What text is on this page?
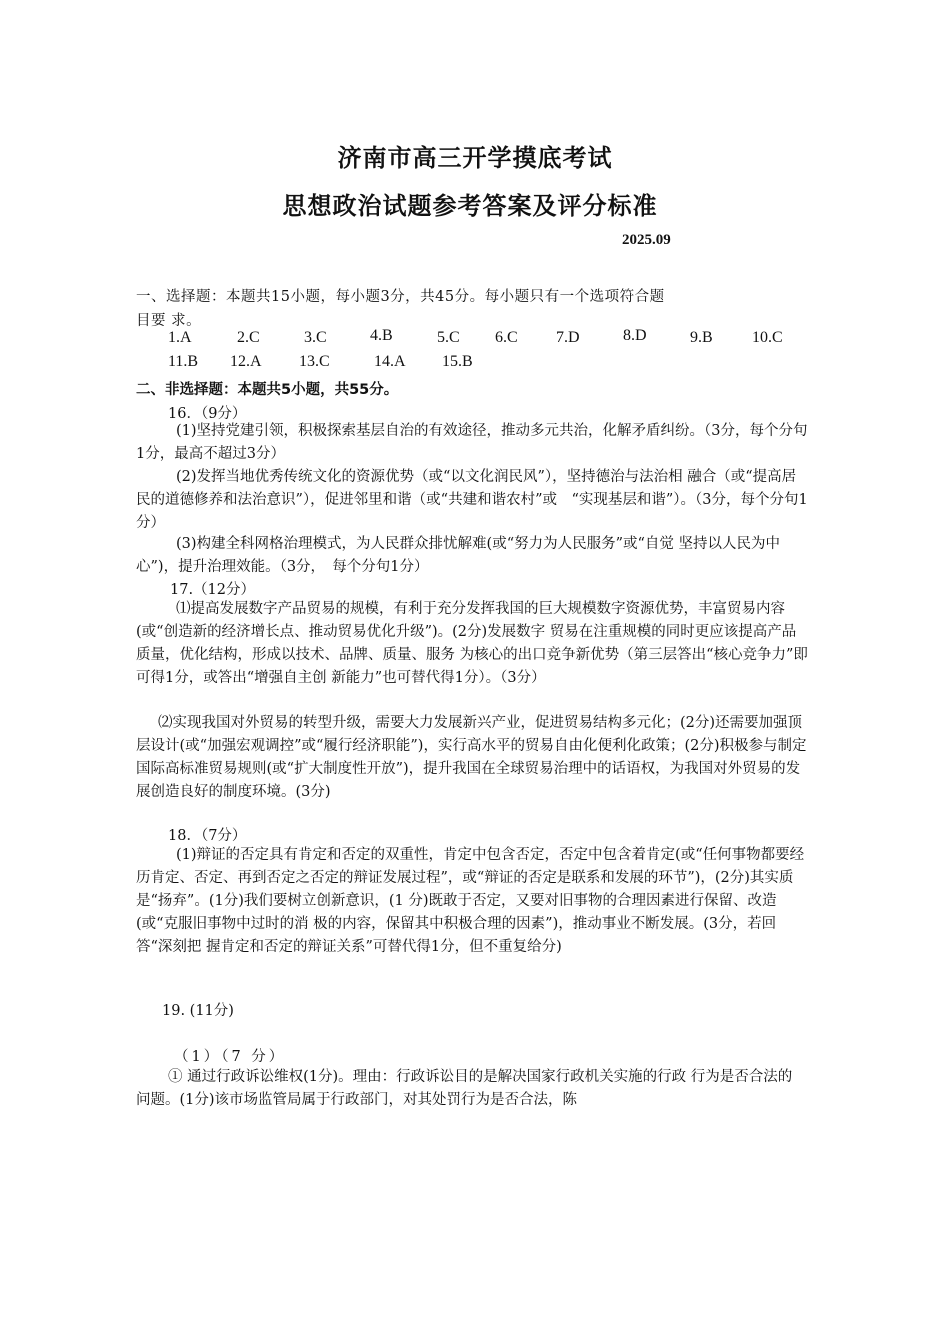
济南市高三开学摸底考试
思想政治试题参考答案及评分标准
2025.09
一、选择题：本题共15小题，每小题3分，共45分。每小题只有一个选项符合题
目要 求。
1.A	2.C	3.C	4.B	5.C 6.C 7.D	8.D	9.B 10.C
11.B 12.A 13.C	14.A 15.B
二、非选择题：本题共5小题，共55分。
16．（9分）
(1)坚持党建引领，积极探索基层自治的有效途径，推动多元共治，化解矛盾纠纷。（3分，每个分句1分，最高不超过3分）
(2)发挥当地优秀传统文化的资源优势（或“以文化润民风”），坚持德治与法治相 融合（或“提高居民的道德修养和法治意识”），促进邻里和谐（或“共建和谐农村”或　“实现基层和谐”）。（3分，每个分句1分）
(3)构建全科网格治理模式，为人民群众排忧解难(或“努力为人民服务”或“自觉 坚持以人民为中心”)，提升治理效能。（3分，　每个分句1分）
17.（12分）
⑴提高发展数字产品贸易的规模，有利于充分发挥我国的巨大规模数字资源优势，丰富贸易内容(或“创造新的经济增长点、推动贸易优化升级”)。(2分)发展数字 贸易在注重规模的同时更应该提高产品质量，优化结构，形成以技术、品牌、质量、服务 为核心的出口竞争新优势（第三层答出“核心竞争力”即可得1分，或答出“增强自主创 新能力”也可替代得1分）。（3分）
⑵实现我国对外贸易的转型升级，需要大力发展新兴产业，促进贸易结构多元化；(2分)还需要加强顶层设计(或“加强宏观调控”或“履行经济职能”)，实行高水平的贸易自由化便利化政策；(2分)积极参与制定国际高标准贸易规则(或“扩大制度性开放”)，提升我国在全球贸易治理中的话语权，为我国对外贸易的发展创造良好的制度环境。(3分)
18．（7分）
(1)辩证的否定具有肯定和否定的双重性，肯定中包含否定，否定中包含着肯定(或“任何事物都要经历肯定、否定、再到否定之否定的辩证发展过程”，或“辩证的否定是联系和发展的环节”)，(2分)其实质是“扬弃”。(1分)我们要树立创新意识，(1 分)既敢于否定，又要对旧事物的合理因素进行保留、改造(或“克服旧事物中过时的消 极的内容，保留其中积极合理的因素”)，推动事业不断发展。(3分，若回答“深刻把 握肯定和否定的辩证关系”可替代得1分，但不重复给分)
19. (11分)
（1）（7 分）
① 通过行政诉讼维权(1分)。理由：行政诉讼目的是解决国家行政机关实施的行政 行为是否合法的问题。(1分)该市场监管局属于行政部门，对其处罚行为是否合法，陈
